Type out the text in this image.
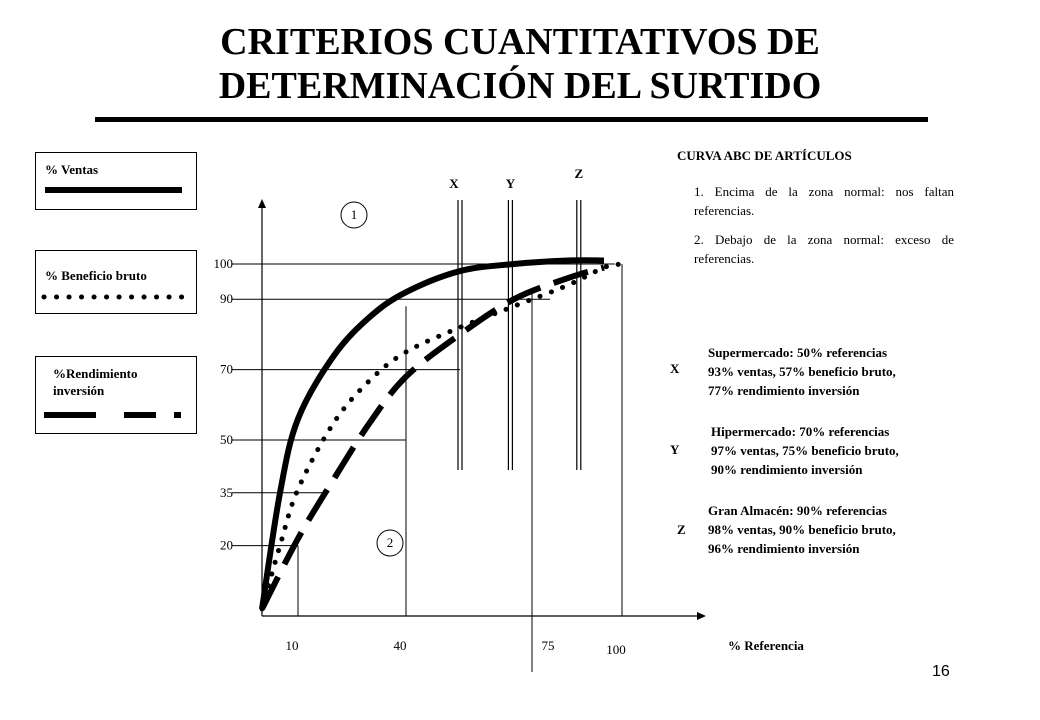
CRITERIOS CUANTITATIVOS DE
DETERMINACIÓN DEL SURTIDO
% Ventas
% Beneficio bruto
%Rendimiento inversión
20
35
50
70
90
100
10	40	75	100	% Referencia
X	Y
Z
1
2
CURVA ABC DE ARTÍCULOS
1. Encima de la zona normal: nos faltan referencias.
2. Debajo de la zona normal: exceso de referencias.
X
Supermercado: 50% referencias
93% ventas, 57% beneficio bruto,
77% rendimiento inversión
Y
Hipermercado: 70% referencias
97% ventas, 75% beneficio bruto,
90% rendimiento inversión
Z
Gran Almacén: 90% referencias
98% ventas, 90% beneficio bruto,
96% rendimiento inversión
16
